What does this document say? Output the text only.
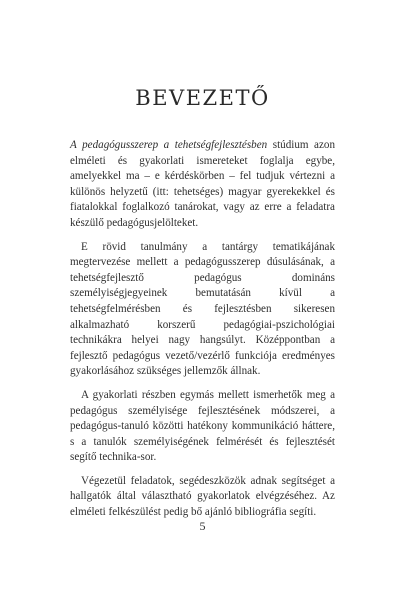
BEVEZETŐ

A pedagógusszerep a tehetségfejlesztésben stúdium azon elméleti és gyakorlati ismereteket foglalja egybe, amelyekkel ma – e kérdéskörben – fel tudjuk vértezni a különös helyzetű (itt: tehetséges) magyar gyerekekkel és fiatalokkal foglalkozó tanárokat, vagy az erre a feladatra készülő pedagógusjelölteket.

E rövid tanulmány a tantárgy tematikájának megtervezése mellett a pedagógusszerep dúsulásának, a tehetségfejlesztő pedagógus domináns személyiségjegyeinek bemutatásán kívül a tehetségfelmérésben és fejlesztésben sikeresen alkalmazható korszerű pedagógiai-pszichológiai technikákra helyei nagy hangsúlyt. Középpontban a fejlesztő pedagógus vezető/vezérlő funkciója eredményes gyakorlásához szükséges jellemzők állnak.

A gyakorlati részben egymás mellett ismerhetők meg a pedagógus személyisége fejlesztésének módszerei, a pedagógus-tanuló közötti hatékony kommunikáció háttere, s a tanulók személyiségének felmérését és fejlesztését segítő technika-sor.

Végezetül feladatok, segédeszközök adnak segítséget a hallgatók által választható gyakorlatok elvégzéséhez. Az elméleti felkészülést pedig bő ajánló bibliográfia segíti.

5
